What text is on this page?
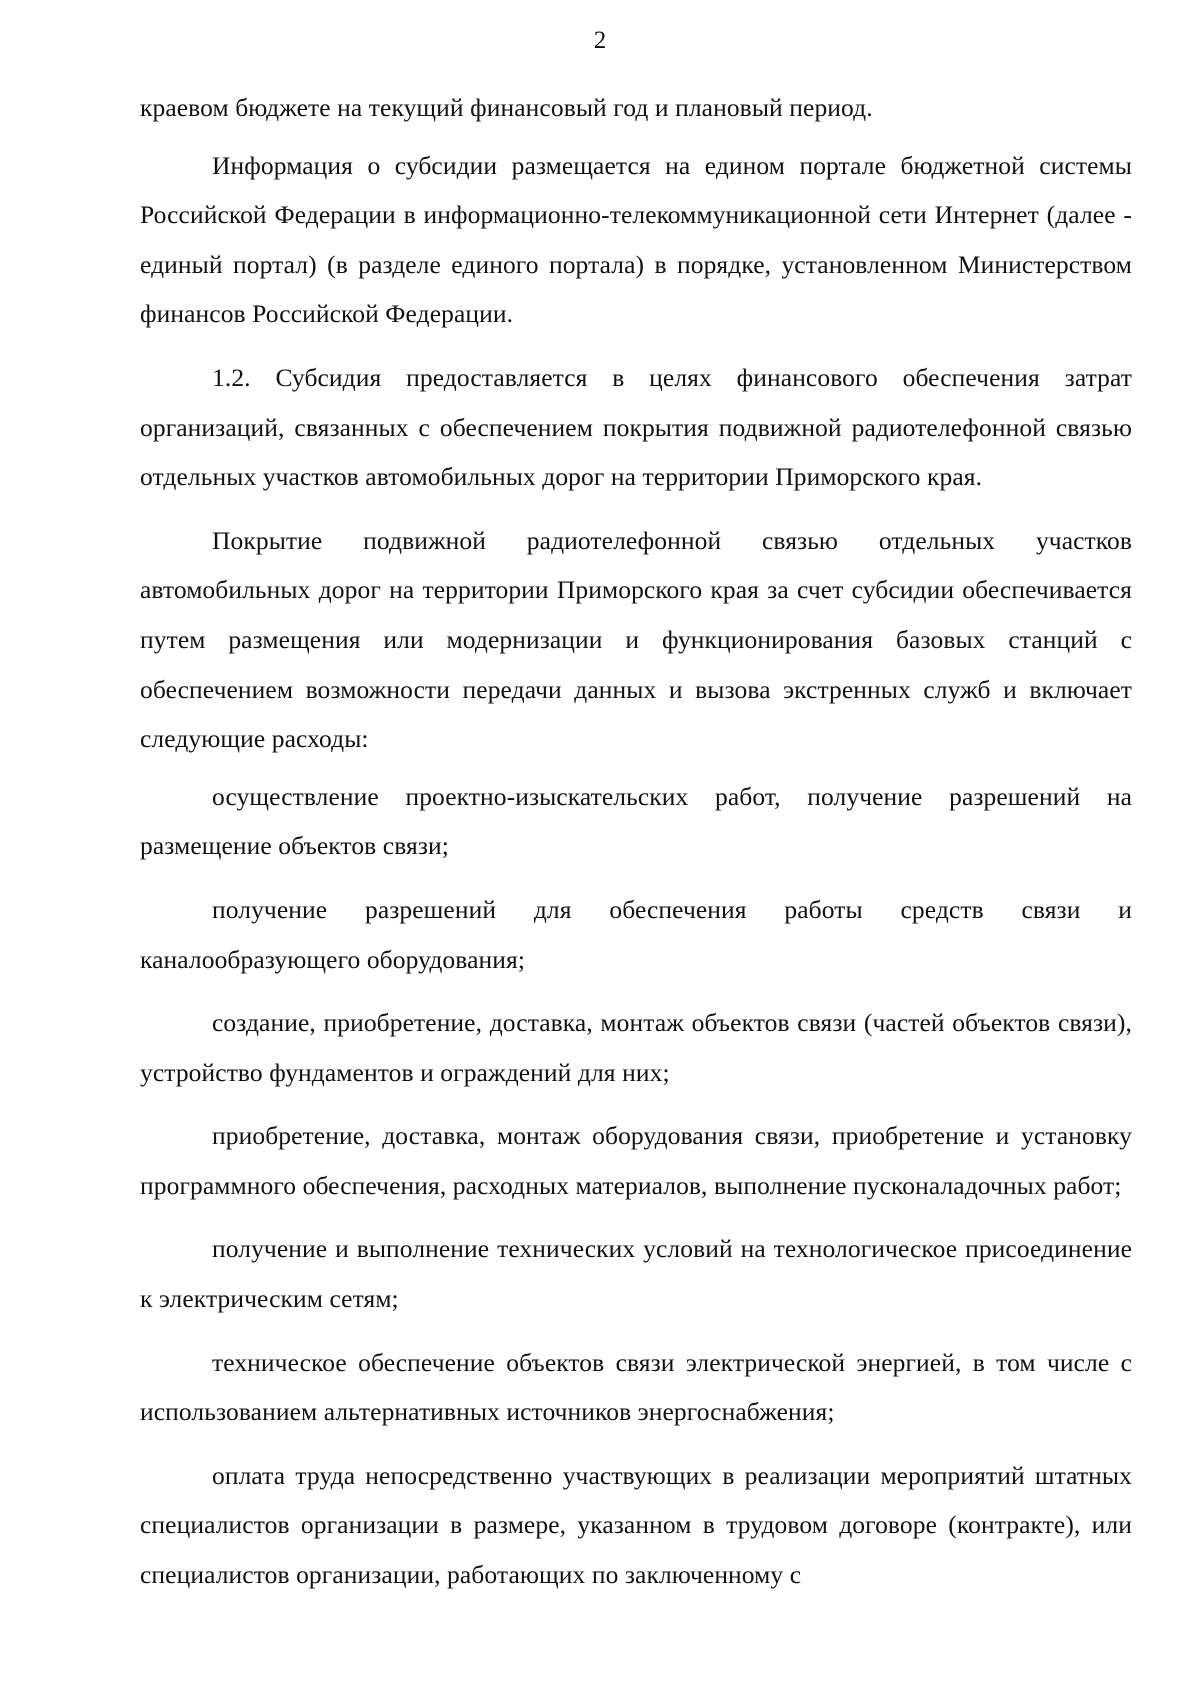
2

краевом бюджете на текущий финансовый год и плановый период.

Информация о субсидии размещается на едином портале бюджетной системы Российской Федерации в информационно-телекоммуникационной сети Интернет (далее - единый портал) (в разделе единого портала) в порядке, установленном Министерством финансов Российской Федерации.

1.2. Субсидия предоставляется в целях финансового обеспечения затрат организаций, связанных с обеспечением покрытия подвижной радиотелефонной связью отдельных участков автомобильных дорог на территории Приморского края.

Покрытие подвижной радиотелефонной связью отдельных участков автомобильных дорог на территории Приморского края за счет субсидии обеспечивается путем размещения или модернизации и функционирования базовых станций с обеспечением возможности передачи данных и вызова экстренных служб и включает следующие расходы:

осуществление проектно-изыскательских работ, получение разрешений на размещение объектов связи;

получение разрешений для обеспечения работы средств связи и каналообразующего оборудования;

создание, приобретение, доставка, монтаж объектов связи (частей объектов связи), устройство фундаментов и ограждений для них;

приобретение, доставка, монтаж оборудования связи, приобретение и установку программного обеспечения, расходных материалов, выполнение пусконаладочных работ;

получение и выполнение технических условий на технологическое присоединение к электрическим сетям;

техническое обеспечение объектов связи электрической энергией, в том числе с использованием альтернативных источников энергоснабжения;

оплата труда непосредственно участвующих в реализации мероприятий штатных специалистов организации в размере, указанном в трудовом договоре (контракте), или специалистов организации, работающих по заключенному с
